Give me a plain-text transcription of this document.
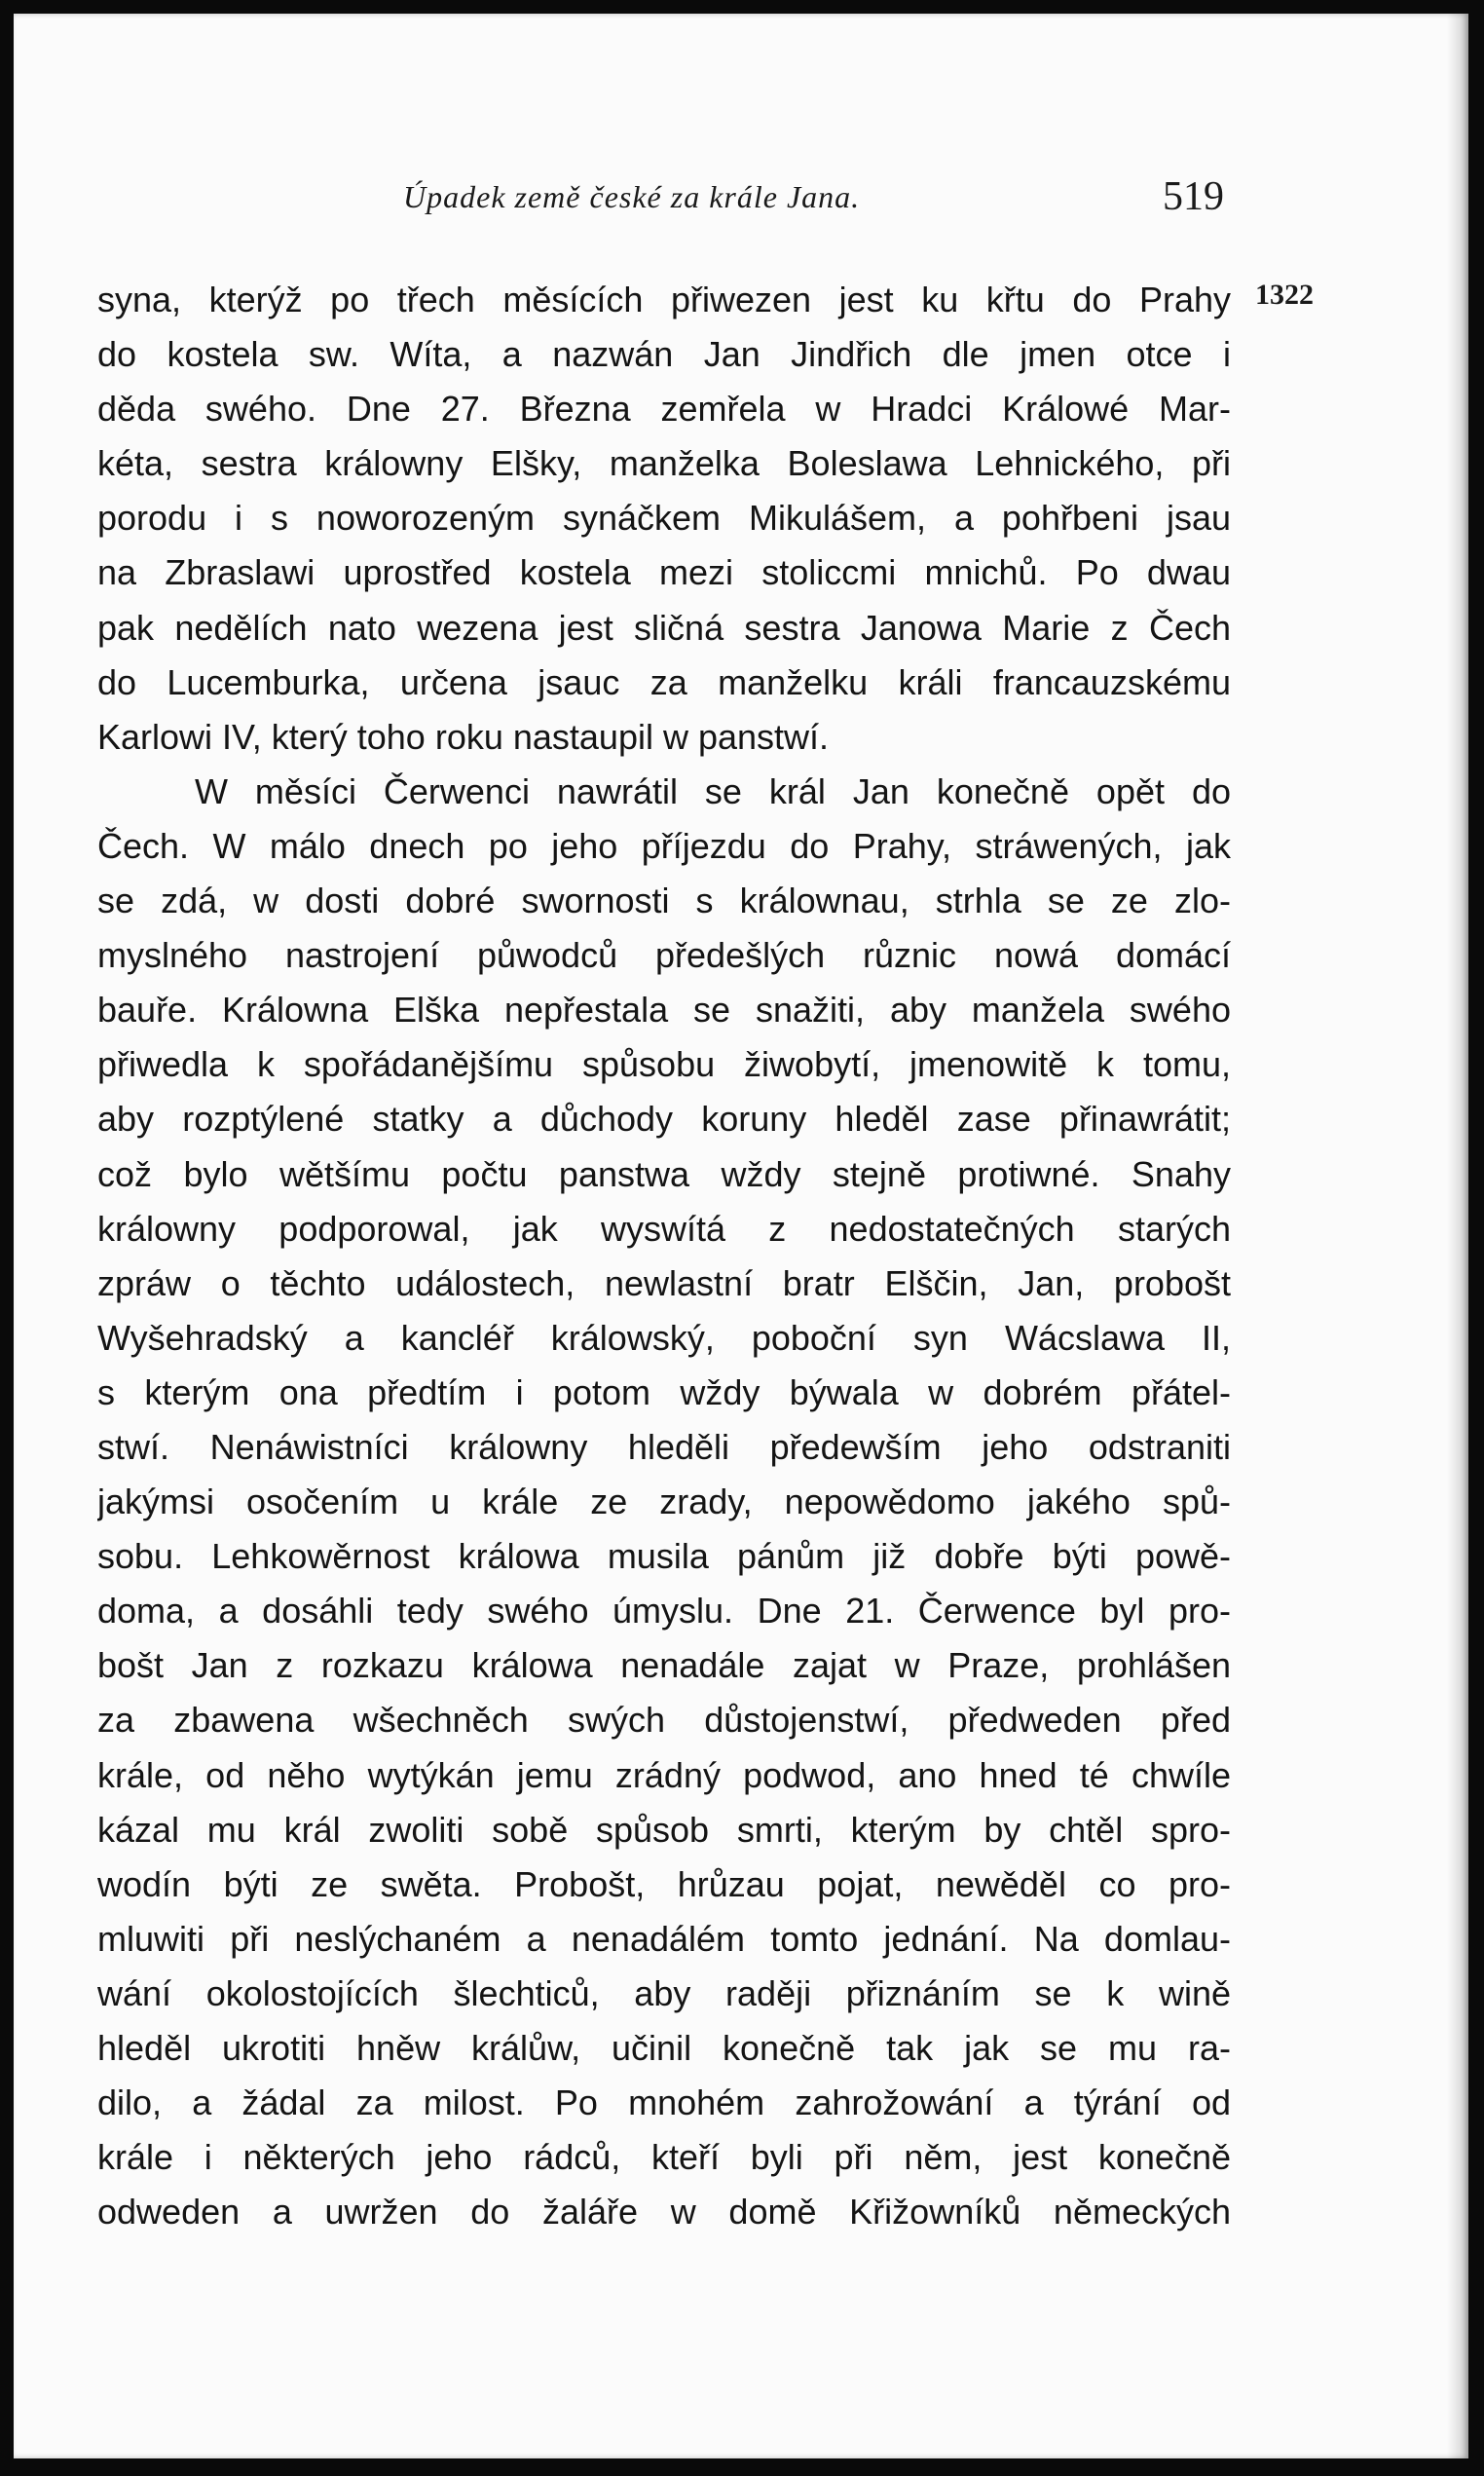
Úpadek země české za krále Jana.	519
1322
syna, kterýž po třech měsících přiwezen jest ku křtu do Prahy
do kostela sw. Wíta, a nazwán Jan Jindřich dle jmen otce i
děda swého. Dne 27. Března zemřela w Hradci Králowé Mar-
kéta, sestra králowny Elšky, manželka Boleslawa Lehnického, při
porodu i s noworozeným synáčkem Mikulášem, a pohřbeni jsau
na Zbraslawi uprostřed kostela mezi stoliccmi mnichů. Po dwau
pak nedělích nato wezena jest sličná sestra Janowa Marie z Čech
do Lucemburka, určena jsauc za manželku králi francauzskému
Karlowi IV, který toho roku nastaupil w panstwí.
W měsíci Čerwenci nawrátil se král Jan konečně opět do
Čech. W málo dnech po jeho příjezdu do Prahy, stráwených, jak
se zdá, w dosti dobré swornosti s králownau, strhla se ze zlo-
myslného nastrojení půwodců předešlých různic nowá domácí
bauře. Králowna Elška nepřestala se snažiti, aby manžela swého
přiwedla k spořádanějšímu spůsobu žiwobytí, jmenowitě k tomu,
aby rozptýlené statky a důchody koruny hleděl zase přinawrátit;
což bylo wětšímu počtu panstwa wždy stejně protiwné. Snahy
králowny podporowal, jak wyswítá z nedostatečných starých
zpráw o těchto událostech, newlastní bratr Elščin, Jan, probošt
Wyšehradský a kancléř králowský, poboční syn Wácslawa II,
s kterým ona předtím i potom wždy býwala w dobrém přátel-
stwí. Nenáwistníci králowny hleděli předewším jeho odstraniti
jakýmsi osočením u krále ze zrady, nepowědomo jakého spů-
sobu. Lehkowěrnost králowa musila pánům již dobře býti powě-
doma, a dosáhli tedy swého úmyslu. Dne 21. Čerwence byl pro-
bošt Jan z rozkazu králowa nenadále zajat w Praze, prohlášen
za zbawena wšechněch swých důstojenstwí, předweden před
krále, od něho wytýkán jemu zrádný podwod, ano hned té chwíle
kázal mu král zwoliti sobě spůsob smrti, kterým by chtěl spro-
wodín býti ze swěta. Probošt, hrůzau pojat, newěděl co pro-
mluwiti při neslýchaném a nenadálém tomto jednání. Na domlau-
wání okolostojících šlechticů, aby raději přiznáním se k wině
hleděl ukrotiti hněw králůw, učinil konečně tak jak se mu ra-
dilo, a žádal za milost. Po mnohém zahrožowání a týrání od
krále i některých jeho rádců, kteří byli při něm, jest konečně
odweden a uwržen do žaláře w domě Křižowníků německých
